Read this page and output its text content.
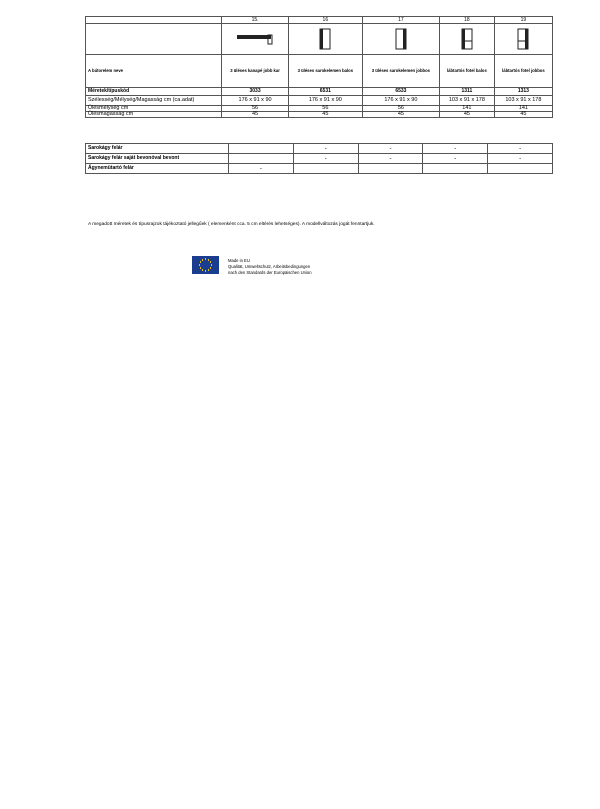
	15.	16	17	18	19

A bútorelem neve	3 üléses kanapé jobb kar	3 üléses sarokelemen balos	3 üléses sarokelemen jobbos	lábtartós fotel balos	lábtartós fotel jobbos
Méretek/típuskód	3033	6531	6533	1311	1313
Szélesség/Mélység/Magasság cm (ca.adat)	176 x 91 x 90	176 x 91 x 90	176 x 91 x 90	103 x 91 x 178	103 x 91 x 178
Ülésmélység cm	56	56	56	141	141
Ülésmagasság cm	45	45	45	45	45
Sarokágy felár		-	-	-	-
Sarokágy felár saját bevonóval bevont		-	-	-	-
Ágynemütartó felár	-				
A megadott méretek és típusrajzok tájékoztató jellegűek ( elemenként cca. 5 cm eltérés lehetséges). A modellváltozás jogát fenntartjuk.
Made in EU
Qualität, Umweltschutz, Arbeitsbedingungen
nach den Standards der Europäischen Union
